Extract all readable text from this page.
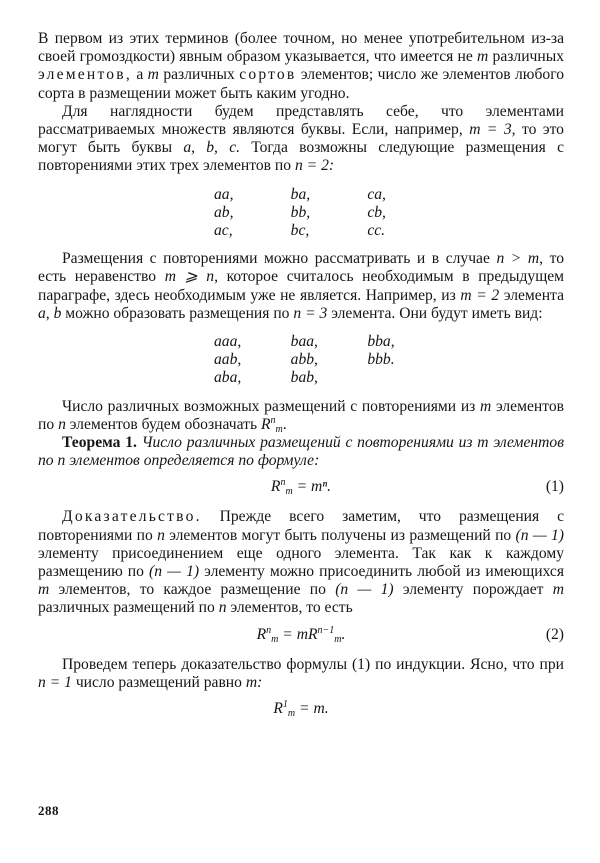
В первом из этих терминов (более точном, но менее употребительном из-за своей громоздкости) явным образом указывается, что имеется не m различных элементов, а m различных сортов элементов; число же элементов любого сорта в размещении может быть каким угодно.

Для наглядности будем представлять себе, что элементами рассматриваемых множеств являются буквы. Если, например, m = 3, то это могут быть буквы a, b, c. Тогда возможны следующие размещения с повторениями этих трех элементов по n = 2:

aa,	ba,	ca,
ab,	bb,	cb,
ac,	bc,	cc.

Размещения с повторениями можно рассматривать и в случае n > m, то есть неравенство m ⩾ n, которое считалось необходимым в предыдущем параграфе, здесь необходимым уже не является. Например, из m = 2 элемента a, b можно образовать размещения по n = 3 элемента. Они будут иметь вид:

aaa,	baa,	bba,
aab,	abb,	bbb.
aba,	bab,	

Число различных возможных размещений с повторениями из m элементов по n элементов будем обозначать $R^n_m$.

Теорема 1. Число различных размещений с повторениями из m элементов по n элементов определяется по формуле:

$R^n_m = m^n$.	(1)

Доказательство. Прежде всего заметим, что размещения с повторениями по n элементов могут быть получены из размещений по (n — 1) элементу присоединением еще одного элемента. Так как к каждому размещению по (n — 1) элементу можно присоединить любой из имеющихся m элементов, то каждое размещение по (n — 1) элементу порождает m различных размещений по n элементов, то есть

$R^n_m = mR^{n-1}_m$.	(2)

Проведем теперь доказательство формулы (1) по индукции. Ясно, что при n = 1 число размещений равно m:

$R^1_m = m$.
288
